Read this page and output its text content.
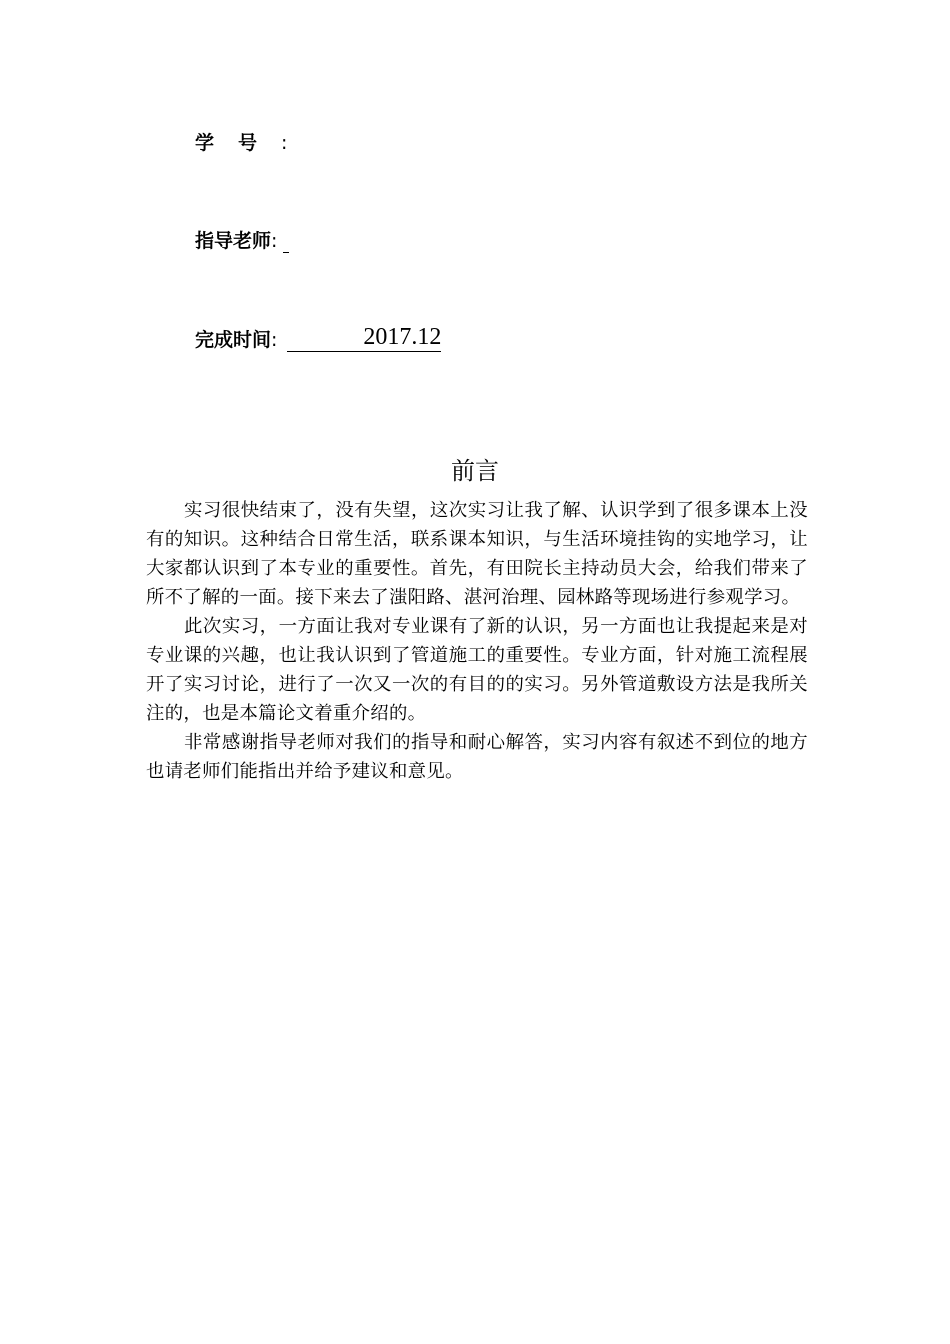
学号:
指导老师:
完成时间:	2017.12
前言

实习很快结束了，没有失望，这次实习让我了解、认识学到了很多课本上没有的知识。这种结合日常生活，联系课本知识，与生活环境挂钩的实地学习，让大家都认识到了本专业的重要性。首先，有田院长主持动员大会，给我们带来了所不了解的一面。接下来去了滍阳路、湛河治理、园林路等现场进行参观学习。

此次实习，一方面让我对专业课有了新的认识，另一方面也让我提起来是对专业课的兴趣，也让我认识到了管道施工的重要性。专业方面，针对施工流程展开了实习讨论，进行了一次又一次的有目的的实习。另外管道敷设方法是我所关注的，也是本篇论文着重介绍的。

非常感谢指导老师对我们的指导和耐心解答，实习内容有叙述不到位的地方也请老师们能指出并给予建议和意见。
